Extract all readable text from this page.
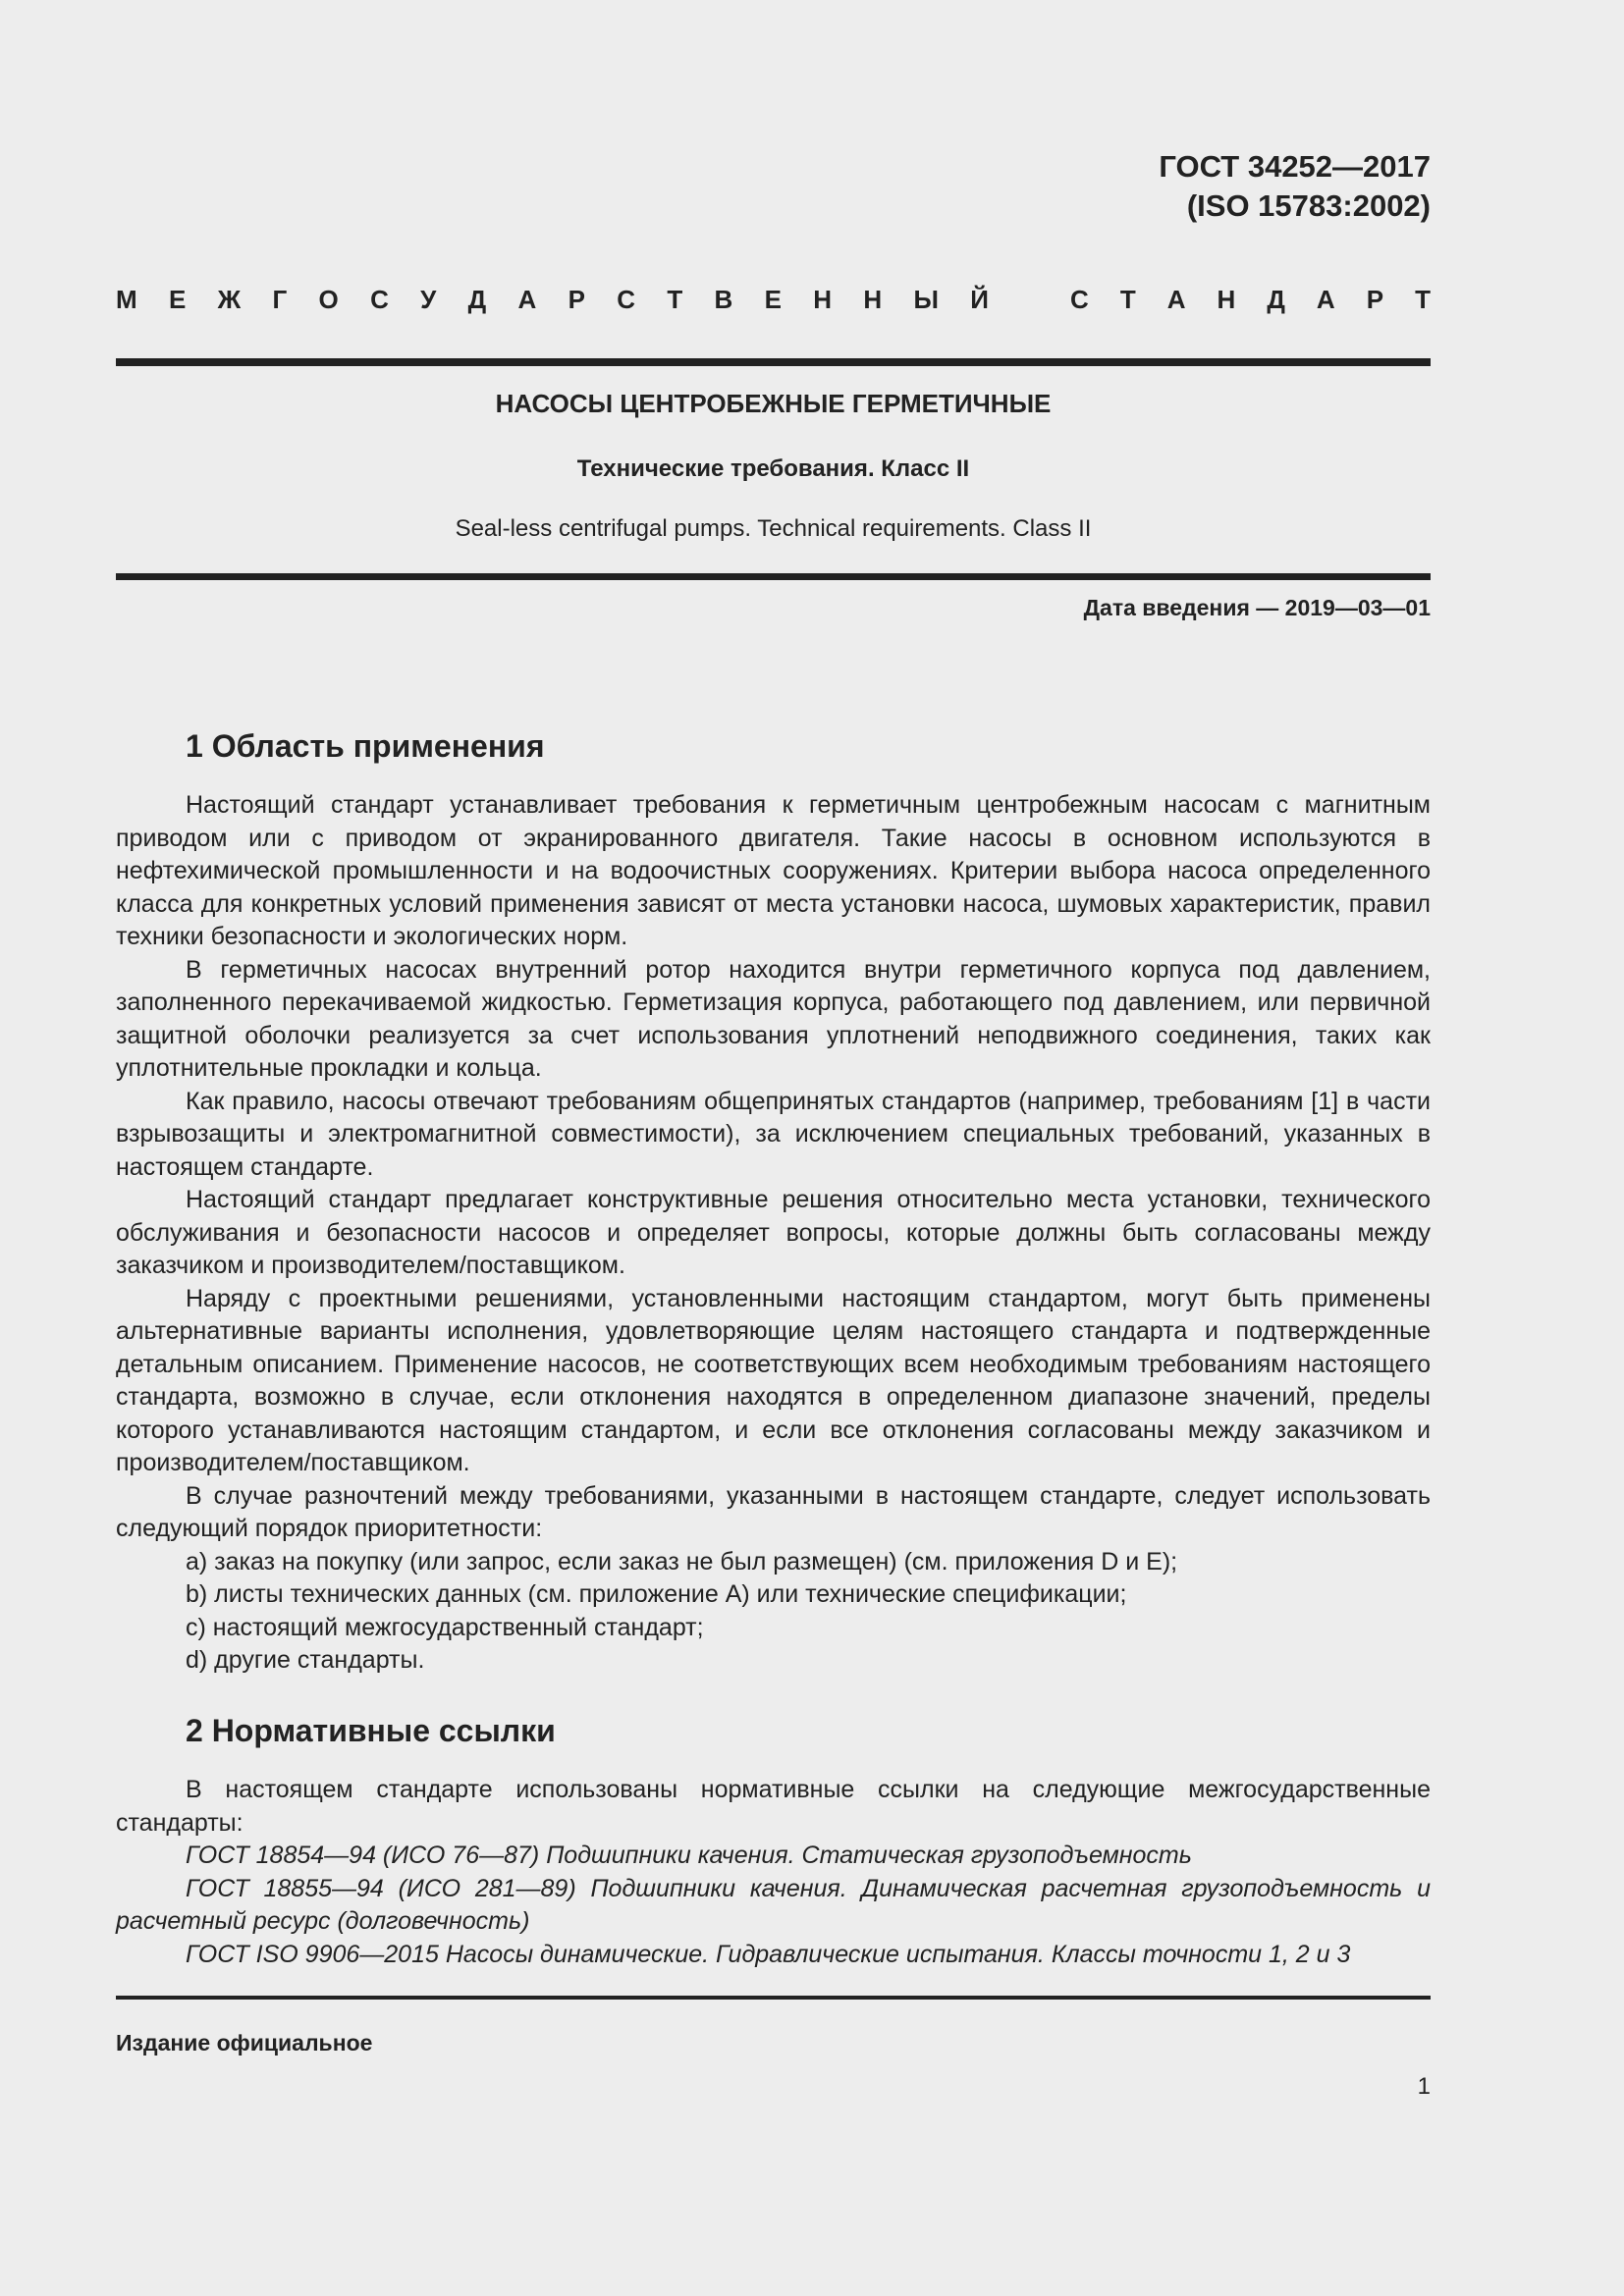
ГОСТ 34252—2017
(ISO 15783:2002)
М Е Ж Г О С У Д А Р С Т В Е Н Н Ы Й	С Т А Н Д А Р Т
НАСОСЫ ЦЕНТРОБЕЖНЫЕ ГЕРМЕТИЧНЫЕ
Технические требования. Класс II
Seal-less centrifugal pumps. Technical requirements. Class II
Дата введения — 2019—03—01
1 Область применения

Настоящий стандарт устанавливает требования к герметичным центробежным насосам с магнитным приводом или с приводом от экранированного двигателя. Такие насосы в основном используются в нефтехимической промышленности и на водоочистных сооружениях. Критерии выбора насоса определенного класса для конкретных условий применения зависят от места установки насоса, шумовых характеристик, правил техники безопасности и экологических норм.

В герметичных насосах внутренний ротор находится внутри герметичного корпуса под давлением, заполненного перекачиваемой жидкостью. Герметизация корпуса, работающего под давлением, или первичной защитной оболочки реализуется за счет использования уплотнений неподвижного соединения, таких как уплотнительные прокладки и кольца.

Как правило, насосы отвечают требованиям общепринятых стандартов (например, требованиям [1] в части взрывозащиты и электромагнитной совместимости), за исключением специальных требований, указанных в настоящем стандарте.

Настоящий стандарт предлагает конструктивные решения относительно места установки, технического обслуживания и безопасности насосов и определяет вопросы, которые должны быть согласованы между заказчиком и производителем/поставщиком.

Наряду с проектными решениями, установленными настоящим стандартом, могут быть применены альтернативные варианты исполнения, удовлетворяющие целям настоящего стандарта и подтвержденные детальным описанием. Применение насосов, не соответствующих всем необходимым требованиям настоящего стандарта, возможно в случае, если отклонения находятся в определенном диапазоне значений, пределы которого устанавливаются настоящим стандартом, и если все отклонения согласованы между заказчиком и производителем/поставщиком.

В случае разночтений между требованиями, указанными в настоящем стандарте, следует использовать следующий порядок приоритетности:

a) заказ на покупку (или запрос, если заказ не был размещен) (см. приложения D и E);

b) листы технических данных (см. приложение A) или технические спецификации;

c) настоящий межгосударственный стандарт;

d) другие стандарты.

2 Нормативные ссылки

В настоящем стандарте использованы нормативные ссылки на следующие межгосударственные стандарты:

ГОСТ 18854—94 (ИСО 76—87) Подшипники качения. Статическая грузоподъемность

ГОСТ 18855—94 (ИСО 281—89) Подшипники качения. Динамическая расчетная грузоподъемность и расчетный ресурс (долговечность)

ГОСТ ISO 9906—2015 Насосы динамические. Гидравлические испытания. Классы точности 1, 2 и 3

Издание официальное
1
